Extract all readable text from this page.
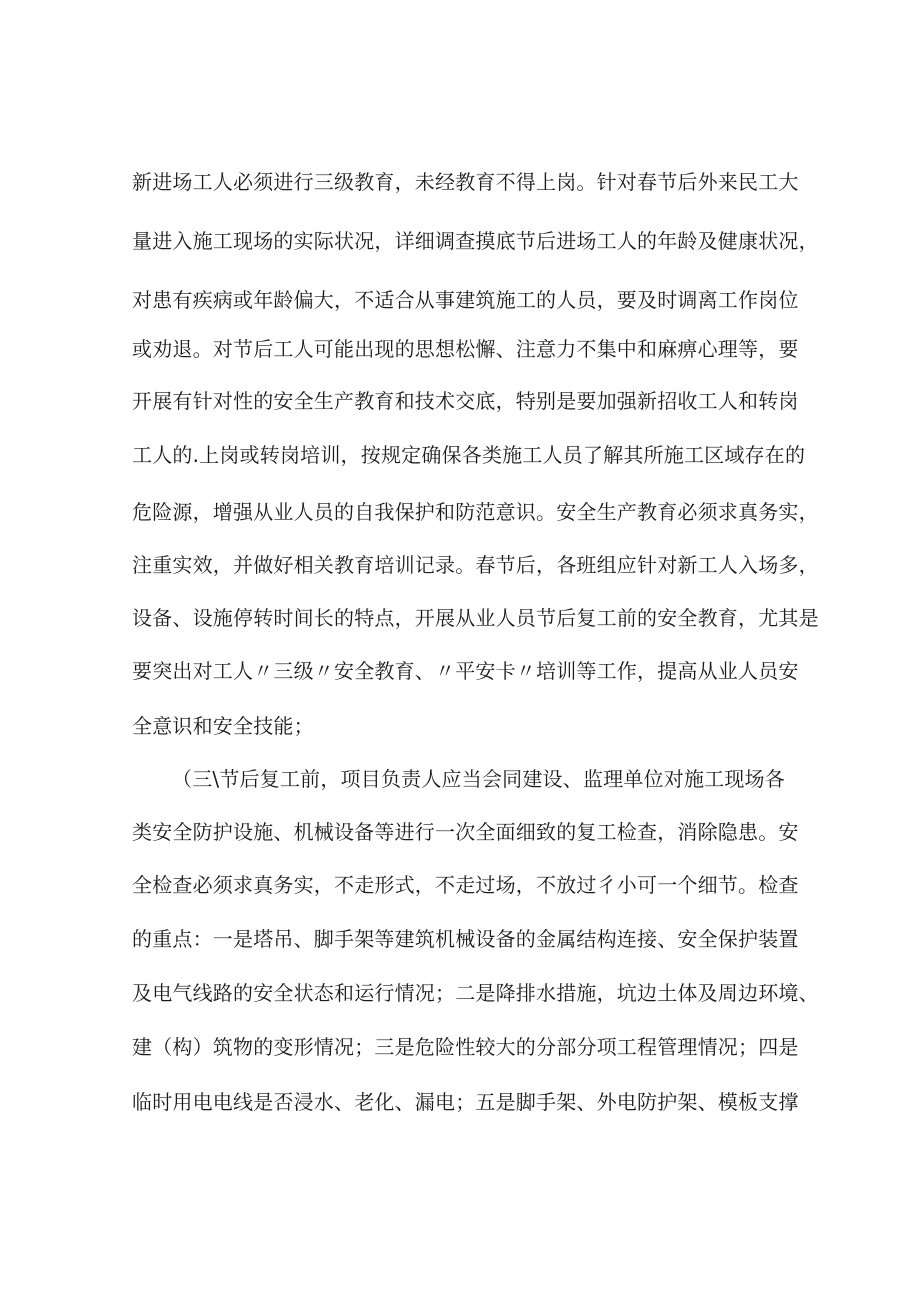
新进场工人必须进行三级教育，未经教育不得上岗。针对春节后外来民工大
量进入施工现场的实际状况，详细调查摸底节后进场工人的年龄及健康状况，
对患有疾病或年龄偏大，不适合从事建筑施工的人员，要及时调离工作岗位
或劝退。对节后工人可能出现的思想松懈、注意力不集中和麻痹心理等，要
开展有针对性的安全生产教育和技术交底，特别是要加强新招收工人和转岗
工人的.上岗或转岗培训，按规定确保各类施工人员了解其所施工区域存在的
危险源，增强从业人员的自我保护和防范意识。安全生产教育必须求真务实，
注重实效，并做好相关教育培训记录。春节后，各班组应针对新工人入场多，
设备、设施停转时间长的特点，开展从业人员节后复工前的安全教育，尤其是
要突出对工人〃三级〃安全教育、〃平安卡〃培训等工作，提高从业人员安
全意识和安全技能；
（三\节后复工前，项目负责人应当会同建设、监理单位对施工现场各
类安全防护设施、机械设备等进行一次全面细致的复工检查，消除隐患。安
全检查必须求真务实，不走形式，不走过场，不放过彳小可一个细节。检查
的重点：一是塔吊、脚手架等建筑机械设备的金属结构连接、安全保护装置
及电气线路的安全状态和运行情况；二是降排水措施，坑边土体及周边环境、
建（构）筑物的变形情况；三是危险性较大的分部分项工程管理情况；四是
临时用电电线是否浸水、老化、漏电；五是脚手架、外电防护架、模板支撑
